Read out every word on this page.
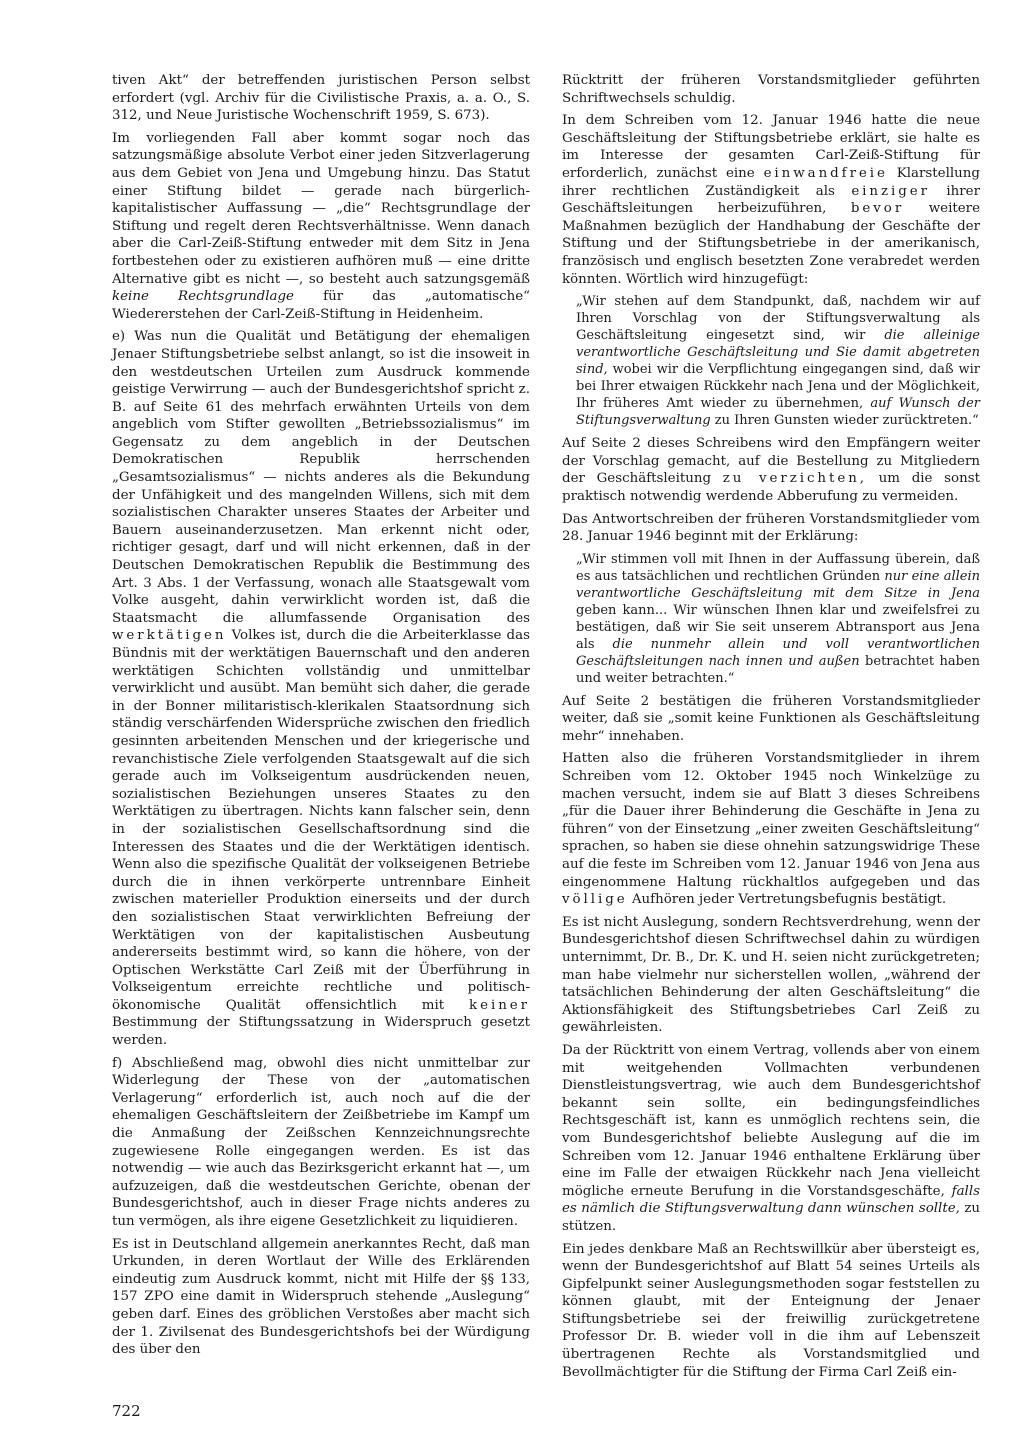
tiven Akt“ der betreffenden juristischen Person selbst erfordert (vgl. Archiv für die Civilistische Praxis, a. a. O., S. 312, und Neue Juristische Wochenschrift 1959, S. 673).

Im vorliegenden Fall aber kommt sogar noch das satzungsmäßige absolute Verbot einer jeden Sitzverlagerung aus dem Gebiet von Jena und Umgebung hinzu. Das Statut einer Stiftung bildet — gerade nach bürgerlich-kapitalistischer Auffassung — „die“ Rechtsgrundlage der Stiftung und regelt deren Rechtsverhältnisse. Wenn danach aber die Carl-Zeiß-Stiftung entweder mit dem Sitz in Jena fortbestehen oder zu existieren aufhören muß — eine dritte Alternative gibt es nicht —, so besteht auch satzungsgemäß keine Rechtsgrundlage für das „automatische“ Wiedererstehen der Carl-Zeiß-Stiftung in Heidenheim.

e) Was nun die Qualität und Betätigung der ehemaligen Jenaer Stiftungsbetriebe selbst anlangt, so ist die insoweit in den westdeutschen Urteilen zum Ausdruck kommende geistige Verwirrung — auch der Bundesgerichtshof spricht z. B. auf Seite 61 des mehrfach erwähnten Urteils von dem angeblich vom Stifter gewollten „Betriebssozialismus“ im Gegensatz zu dem angeblich in der Deutschen Demokratischen Republik herrschenden „Gesamtsozialismus“ — nichts anderes als die Bekundung der Unfähigkeit und des mangelnden Willens, sich mit dem sozialistischen Charakter unseres Staates der Arbeiter und Bauern auseinanderzusetzen. Man erkennt nicht oder, richtiger gesagt, darf und will nicht erkennen, daß in der Deutschen Demokratischen Republik die Bestimmung des Art. 3 Abs. 1 der Verfassung, wonach alle Staatsgewalt vom Volke ausgeht, dahin verwirklicht worden ist, daß die Staatsmacht die allumfassende Organisation des werktätigen Volkes ist, durch die die Arbeiterklasse das Bündnis mit der werktätigen Bauernschaft und den anderen werktätigen Schichten vollständig und unmittelbar verwirklicht und ausübt. Man bemüht sich daher, die gerade in der Bonner militaristisch-klerikalen Staatsordnung sich ständig verschärfenden Widersprüche zwischen den friedlich gesinnten arbeitenden Menschen und der kriegerische und revanchistische Ziele verfolgenden Staatsgewalt auf die sich gerade auch im Volkseigentum ausdrückenden neuen, sozialistischen Beziehungen unseres Staates zu den Werktätigen zu übertragen. Nichts kann falscher sein, denn in der sozialistischen Gesellschaftsordnung sind die Interessen des Staates und die der Werktätigen identisch. Wenn also die spezifische Qualität der volkseigenen Betriebe durch die in ihnen verkörperte untrennbare Einheit zwischen materieller Produktion einerseits und der durch den sozialistischen Staat verwirklichten Befreiung der Werktätigen von der kapitalistischen Ausbeutung andererseits bestimmt wird, so kann die höhere, von der Optischen Werkstätte Carl Zeiß mit der Überführung in Volkseigentum erreichte rechtliche und politisch-ökonomische Qualität offensichtlich mit keiner Bestimmung der Stiftungssatzung in Widerspruch gesetzt werden.

f) Abschließend mag, obwohl dies nicht unmittelbar zur Widerlegung der These von der „automatischen Verlagerung“ erforderlich ist, auch noch auf die der ehemaligen Geschäftsleitern der Zeißbetriebe im Kampf um die Anmaßung der Zeißschen Kennzeichnungsrechte zugewiesene Rolle eingegangen werden. Es ist das notwendig — wie auch das Bezirksgericht erkannt hat —, um aufzuzeigen, daß die westdeutschen Gerichte, obenan der Bundesgerichtshof, auch in dieser Frage nichts anderes zu tun vermögen, als ihre eigene Gesetzlichkeit zu liquidieren.

Es ist in Deutschland allgemein anerkanntes Recht, daß man Urkunden, in deren Wortlaut der Wille des Erklärenden eindeutig zum Ausdruck kommt, nicht mit Hilfe der §§ 133, 157 ZPO eine damit in Widerspruch stehende „Auslegung“ geben darf. Eines des gröblichen Verstoßes aber macht sich der 1. Zivilsenat des Bundesgerichtshofs bei der Würdigung des über den

Rücktritt der früheren Vorstandsmitglieder geführten Schriftwechsels schuldig.

In dem Schreiben vom 12. Januar 1946 hatte die neue Geschäftsleitung der Stiftungsbetriebe erklärt, sie halte es im Interesse der gesamten Carl-Zeiß-Stiftung für erforderlich, zunächst eine einwandfreie Klarstellung ihrer rechtlichen Zuständigkeit als einziger ihrer Geschäftsleitungen herbeizuführen, bevor weitere Maßnahmen bezüglich der Handhabung der Geschäfte der Stiftung und der Stiftungsbetriebe in der amerikanisch, französisch und englisch besetzten Zone verabredet werden könnten. Wörtlich wird hinzugefügt:

„Wir stehen auf dem Standpunkt, daß, nachdem wir auf Ihren Vorschlag von der Stiftungsverwaltung als Geschäftsleitung eingesetzt sind, wir die alleinige verantwortliche Geschäftsleitung und Sie damit abgetreten sind, wobei wir die Verpflichtung eingegangen sind, daß wir bei Ihrer etwaigen Rückkehr nach Jena und der Möglichkeit, Ihr früheres Amt wieder zu übernehmen, auf Wunsch der Stiftungsverwaltung zu Ihren Gunsten wieder zurücktreten.“

Auf Seite 2 dieses Schreibens wird den Empfängern weiter der Vorschlag gemacht, auf die Bestellung zu Mitgliedern der Geschäftsleitung zu verzichten, um die sonst praktisch notwendig werdende Abberufung zu vermeiden.

Das Antwortschreiben der früheren Vorstandsmitglieder vom 28. Januar 1946 beginnt mit der Erklärung:

„Wir stimmen voll mit Ihnen in der Auffassung überein, daß es aus tatsächlichen und rechtlichen Gründen nur eine allein verantwortliche Geschäftsleitung mit dem Sitze in Jena geben kann... Wir wünschen Ihnen klar und zweifelsfrei zu bestätigen, daß wir Sie seit unserem Abtransport aus Jena als die nunmehr allein und voll verantwortlichen Geschäftsleitungen nach innen und außen betrachtet haben und weiter betrachten.“

Auf Seite 2 bestätigen die früheren Vorstandsmitglieder weiter, daß sie „somit keine Funktionen als Geschäftsleitung mehr“ innehaben.

Hatten also die früheren Vorstandsmitglieder in ihrem Schreiben vom 12. Oktober 1945 noch Winkelzüge zu machen versucht, indem sie auf Blatt 3 dieses Schreibens „für die Dauer ihrer Behinderung die Geschäfte in Jena zu führen“ von der Einsetzung „einer zweiten Geschäftsleitung“ sprachen, so haben sie diese ohnehin satzungswidrige These auf die feste im Schreiben vom 12. Januar 1946 von Jena aus eingenommene Haltung rückhaltlos aufgegeben und das völlige Aufhören jeder Vertretungsbefugnis bestätigt.

Es ist nicht Auslegung, sondern Rechtsverdrehung, wenn der Bundesgerichtshof diesen Schriftwechsel dahin zu würdigen unternimmt, Dr. B., Dr. K. und H. seien nicht zurückgetreten; man habe vielmehr nur sicherstellen wollen, „während der tatsächlichen Behinderung der alten Geschäftsleitung“ die Aktionsfähigkeit des Stiftungsbetriebes Carl Zeiß zu gewährleisten.

Da der Rücktritt von einem Vertrag, vollends aber von einem mit weitgehenden Vollmachten verbundenen Dienstleistungsvertrag, wie auch dem Bundesgerichtshof bekannt sein sollte, ein bedingungsfeindliches Rechtsgeschäft ist, kann es unmöglich rechtens sein, die vom Bundesgerichtshof beliebte Auslegung auf die im Schreiben vom 12. Januar 1946 enthaltene Erklärung über eine im Falle der etwaigen Rückkehr nach Jena vielleicht mögliche erneute Berufung in die Vorstandsgeschäfte, falls es nämlich die Stiftungsverwaltung dann wünschen sollte, zu stützen.

Ein jedes denkbare Maß an Rechtswillkür aber übersteigt es, wenn der Bundesgerichtshof auf Blatt 54 seines Urteils als Gipfelpunkt seiner Auslegungsmethoden sogar feststellen zu können glaubt, mit der Enteignung der Jenaer Stiftungsbetriebe sei der freiwillig zurückgetretene Professor Dr. B. wieder voll in die ihm auf Lebenszeit übertragenen Rechte als Vorstandsmitglied und Bevollmächtigter für die Stiftung der Firma Carl Zeiß ein-

722
